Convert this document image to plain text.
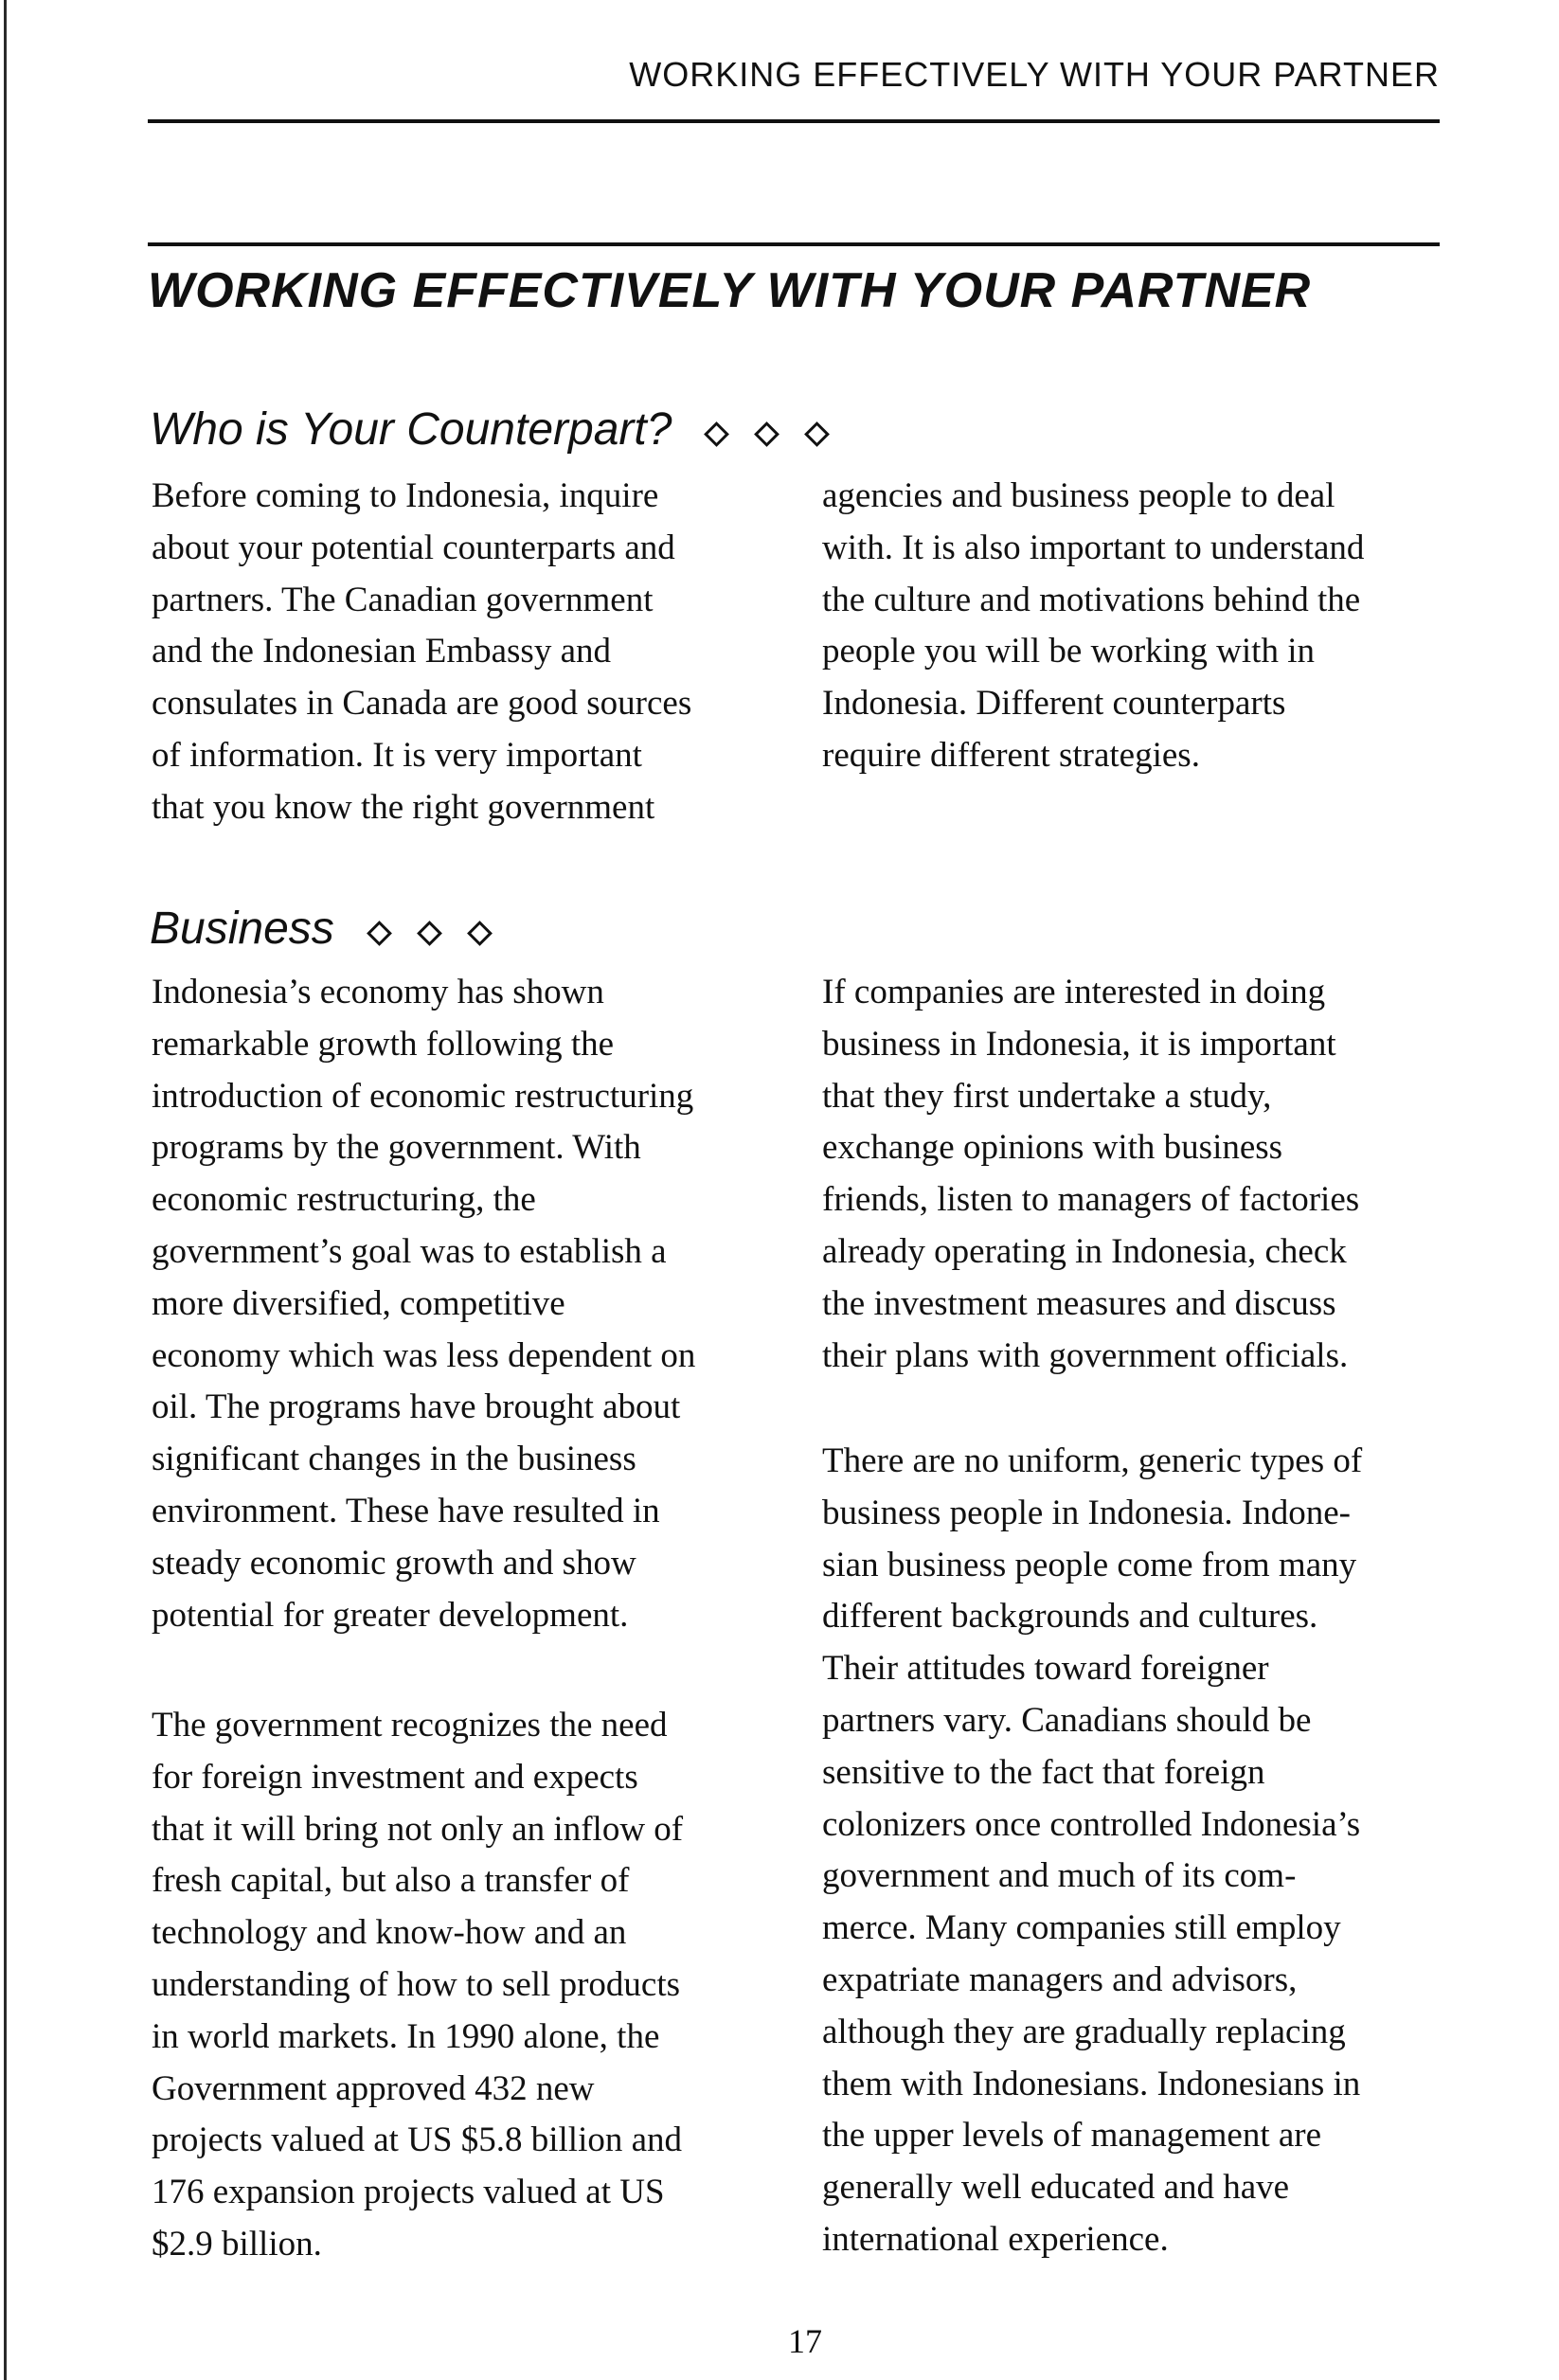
WORKING EFFECTIVELY WITH YOUR PARTNER
WORKING EFFECTIVELY WITH YOUR PARTNER
Who is Your Counterpart?

Before coming to Indonesia, inquire
about your potential counterparts and
partners. The Canadian government
and the Indonesian Embassy and
consulates in Canada are good sources
of information. It is very important
that you know the right government

agencies and business people to deal
with. It is also important to understand
the culture and motivations behind the
people you will be working with in
Indonesia. Different counterparts
require different strategies.

Business

Indonesia’s economy has shown
remarkable growth following the
introduction of economic restructuring
programs by the government. With
economic restructuring, the
government’s goal was to establish a
more diversified, competitive
economy which was less dependent on
oil. The programs have brought about
significant changes in the business
environment. These have resulted in
steady economic growth and show
potential for greater development.

The government recognizes the need
for foreign investment and expects
that it will bring not only an inflow of
fresh capital, but also a transfer of
technology and know-how and an
understanding of how to sell products
in world markets. In 1990 alone, the
Government approved 432 new
projects valued at US $5.8 billion and
176 expansion projects valued at US
$2.9 billion.

If companies are interested in doing
business in Indonesia, it is important
that they first undertake a study,
exchange opinions with business
friends, listen to managers of factories
already operating in Indonesia, check
the investment measures and discuss
their plans with government officials.

There are no uniform, generic types of
business people in Indonesia. Indone-
sian business people come from many
different backgrounds and cultures.
Their attitudes toward foreigner
partners vary. Canadians should be
sensitive to the fact that foreign
colonizers once controlled Indonesia’s
government and much of its com-
merce. Many companies still employ
expatriate managers and advisors,
although they are gradually replacing
them with Indonesians. Indonesians in
the upper levels of management are
generally well educated and have
international experience.

17
